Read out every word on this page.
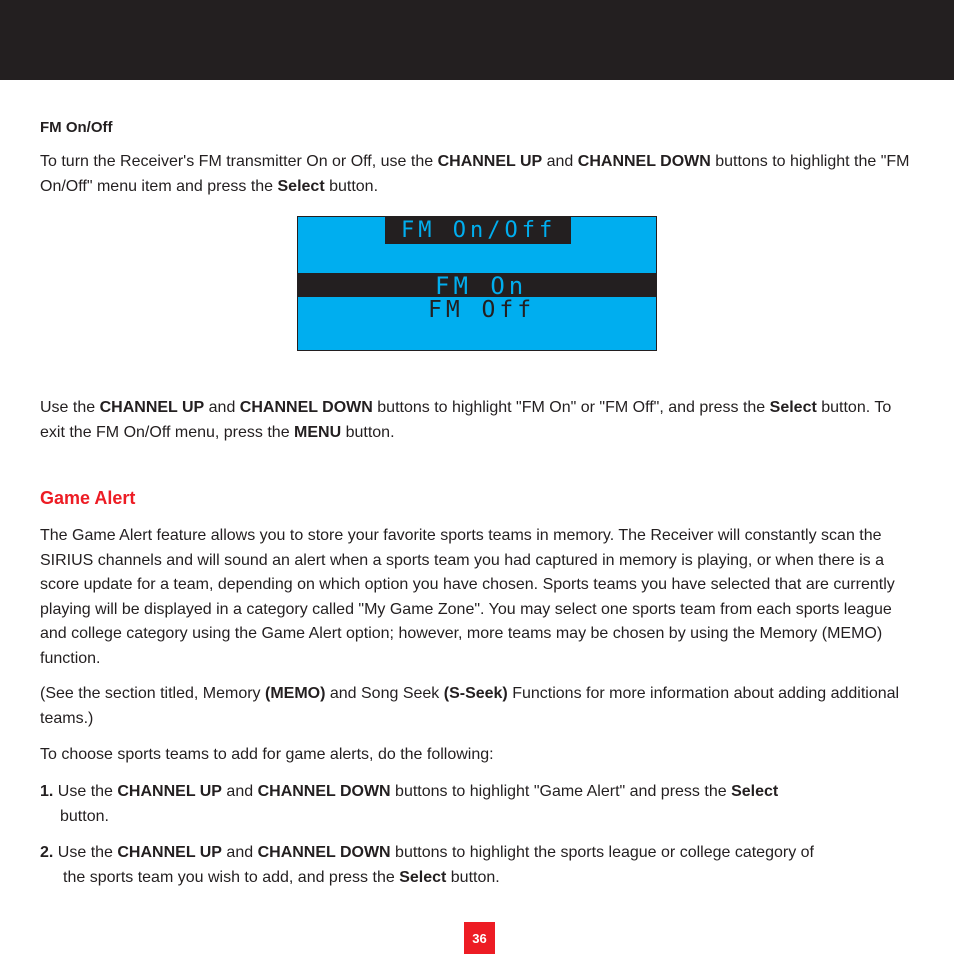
FM On/Off
To turn the Receiver's FM transmitter On or Off, use the CHANNEL UP and CHANNEL DOWN buttons to highlight the "FM On/Off" menu item and press the Select button.
FM On/Off
FM On
FM Off
Use the CHANNEL UP and CHANNEL DOWN buttons to highlight "FM On" or "FM Off", and press the Select button. To exit the FM On/Off menu, press the MENU button.
Game Alert
The Game Alert feature allows you to store your favorite sports teams in memory. The Receiver will constantly scan the SIRIUS channels and will sound an alert when a sports team you had captured in memory is playing, or when there is a score update for a team, depending on which option you have chosen. Sports teams you have selected that are currently playing will be displayed in a category called "My Game Zone". You may select one sports team from each sports league and college category using the Game Alert option; however, more teams may be chosen by using the Memory (MEMO) function.
(See the section titled, Memory (MEMO) and Song Seek (S-Seek) Functions for more information about adding additional teams.)
To choose sports teams to add for game alerts, do the following:
1. Use the CHANNEL UP and CHANNEL DOWN buttons to highlight "Game Alert" and press the Select
button.
2. Use the CHANNEL UP and CHANNEL DOWN buttons to highlight the sports league or college category of
the sports team you wish to add, and press the Select button.
36
